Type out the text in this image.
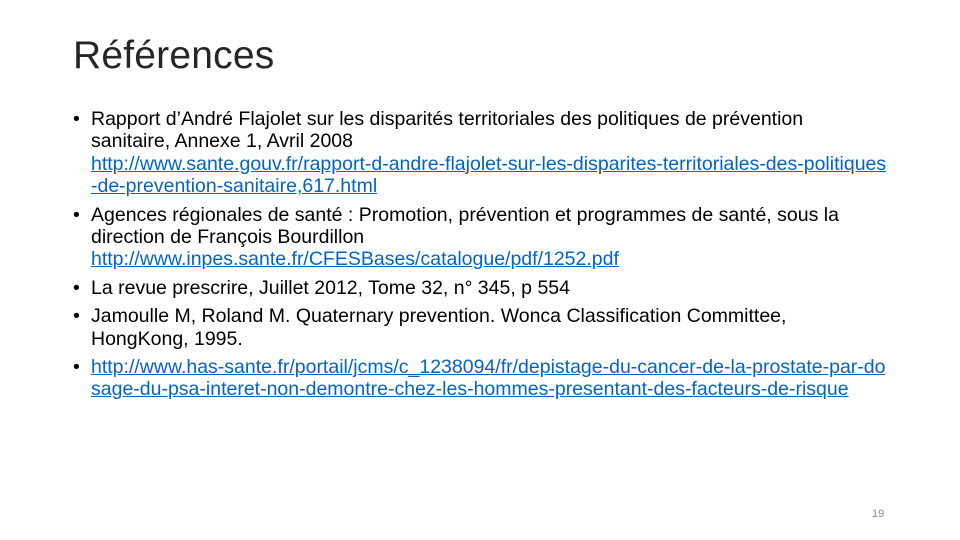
Références
• Rapport d’André Flajolet sur les disparités territoriales des politiques de prévention sanitaire, Annexe 1, Avril 2008
http://www.sante.gouv.fr/rapport-d-andre-flajolet-sur-les-disparites-territoriales-des-politiques-de-prevention-sanitaire,617.html
• Agences régionales de santé : Promotion, prévention et programmes de santé, sous la direction de François Bourdillon
http://www.inpes.sante.fr/CFESBases/catalogue/pdf/1252.pdf
• La revue prescrire, Juillet 2012, Tome 32, n° 345, p 554
• Jamoulle M, Roland M. Quaternary prevention. Wonca Classification Committee, HongKong, 1995.
• http://www.has-sante.fr/portail/jcms/c_1238094/fr/depistage-du-cancer-de-la-prostate-par-dosage-du-psa-interet-non-demontre-chez-les-hommes-presentant-des-facteurs-de-risque
19
